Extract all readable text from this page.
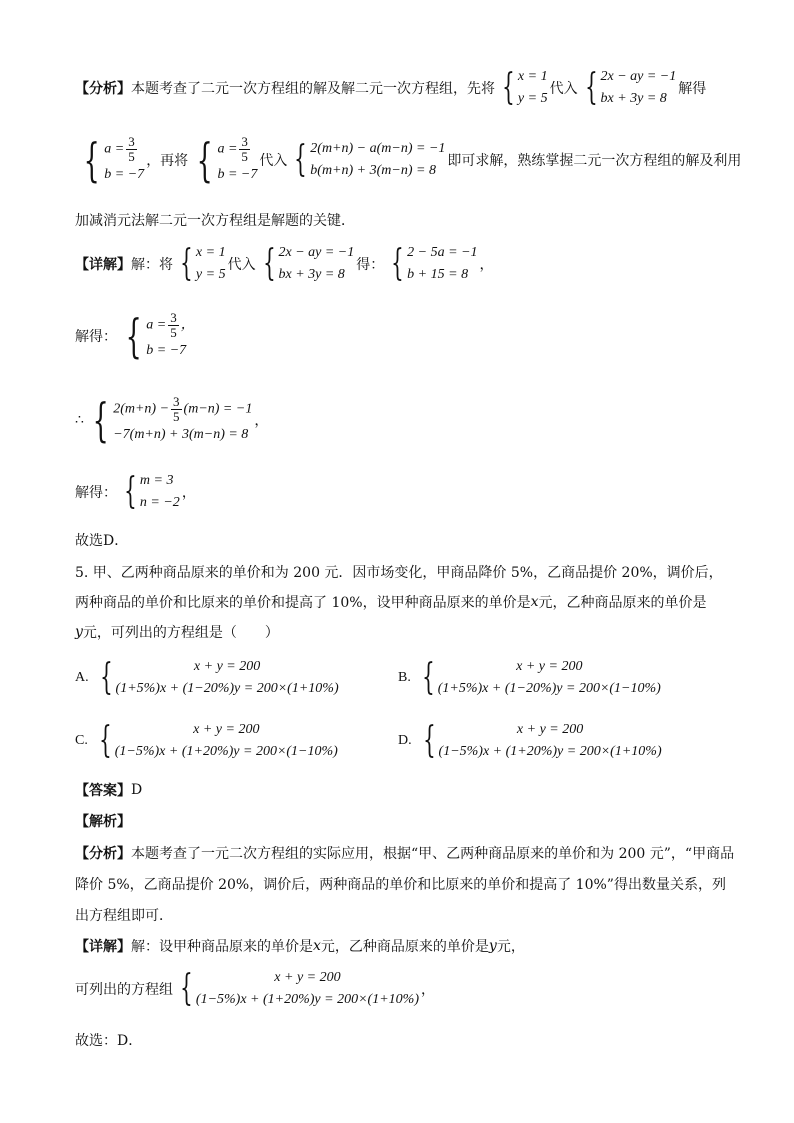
【分析】 本题考查了二元一次方程组的解及解二元一次方程组，先将 { x = 1
y = 5
代入 { 2x − ay = −1
bx + 3y = 8
解得
{ $a = \frac{3}{5}$
b = −7
，再将 { $a = \frac{3}{5}$
b = −7
代入 { 2(m+n) − a(m−n) = −1
b(m+n) + 3(m−n) = 8
即可求解，熟练掌握二元一次方程组的解及利用
加减消元法解二元一次方程组是解题的关键．
【详解】 解：将 { x = 1
y = 5
代入 { 2x − ay = −1
bx + 3y = 8
得： { 2 − 5a = −1
b + 15 = 8
，
解得： { $a = \frac{3}{5}$ ，
b = −7
∴ { $2(m+n) - \frac{3}{5} (m-n) = -1$
−7(m+n) + 3(m−n) = 8
，
解得： { m = 3
n = −2
，
故选D．
5. 甲、乙两种商品原来的单价和为 200 元．因市场变化，甲商品降价 5%，乙商品提价 20%，调价后，
两种商品的单价和比原来的单价和提高了 10%，设甲种商品原来的单价是 x 元，乙种商品原来的单价是
y 元，可列出的方程组是（　　）
A. {	x + y = 200
(1+5%)x + (1−20%)y = 200×(1+10%)
B. {	x + y = 200
(1+5%)x + (1−20%)y = 200×(1−10%)
C. {	x + y = 200
(1−5%)x + (1+20%)y = 200×(1−10%)
D. {	x + y = 200
(1−5%)x + (1+20%)y = 200×(1+10%)
【答案】 D
【解析】
【分析】 本题考查了一元二次方程组的实际应用，根据“甲、乙两种商品原来的单价和为 200 元”，“甲商品
降价 5%，乙商品提价 20%，调价后，两种商品的单价和比原来的单价和提高了 10%”得出数量关系，列
出方程组即可．
【详解】 解：设甲种商品原来的单价是 x 元，乙种商品原来的单价是 y 元，
可列出的方程组 {	x + y = 200
(1−5%)x + (1+20%)y = 200×(1+10%)
，
故选：D．
